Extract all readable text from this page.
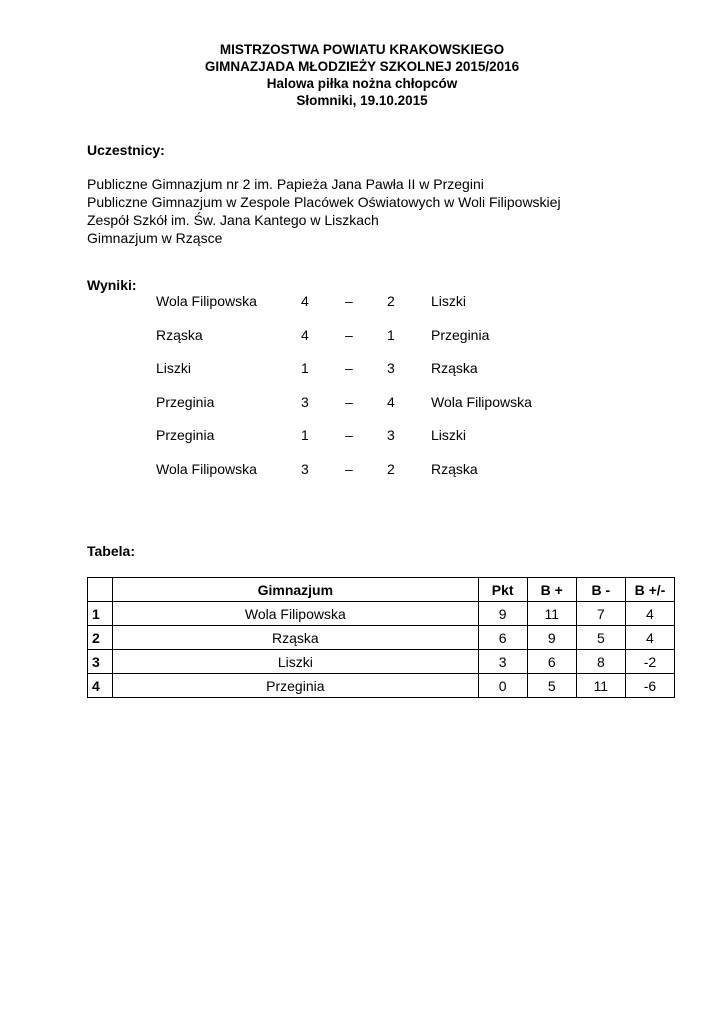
MISTRZOSTWA POWIATU KRAKOWSKIEGO
GIMNAZJADA MŁODZIEŻY SZKOLNEJ 2015/2016
Halowa piłka nożna chłopców
Słomniki, 19.10.2015
Uczestnicy:
Publiczne Gimnazjum nr 2 im. Papieża Jana Pawła II w Przegini
Publiczne Gimnazjum w Zespole Placówek Oświatowych w Woli Filipowskiej
Zespół Szkół im. Św. Jana Kantego w Liszkach
Gimnazjum w Rząsce
Wyniki:
Wola Filipowska	4	– 2	Liszki
Rząska	4	– 1	Przeginia
Liszki	1	– 3	Rząska
Przeginia	3	– 4	Wola Filipowska
Przeginia	1	– 3	Liszki
Wola Filipowska	3	– 2	Rząska
Tabela:
	Gimnazjum	Pkt	B +	B -	B +/-
1	Wola Filipowska	9	11	7	4
2	Rząska	6	9	5	4
3	Liszki	3	6	8	-2
4	Przeginia	0	5	11	-6
